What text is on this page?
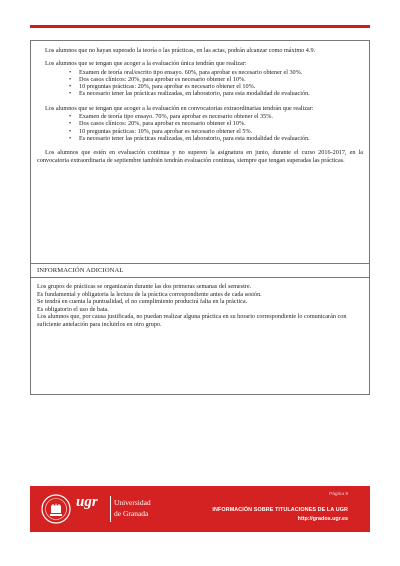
Los alumnos que no hayan superado la teoría o las prácticas, en las actas, podrán alcanzar como máximo 4.9.

Los alumnos que se tengan que acoger a la evaluación única tendrán que realizar:

• Examen de teoría oral/escrito tipo ensayo. 60%, para aprobar es necesario obtener el 30%.
• Dos casos clínicos: 20%, para aprobar es necesario obtener el 10%.
• 10 preguntas prácticas: 20%, para aprobar es necesario obtener el 10%.
• Es necesario tener las prácticas realizadas, en laboratorio, para esta modalidad de evaluación.

Los alumnos que se tengan que acoger a la evaluación en convocatorias extraordinarias tendrán que realizar:

• Examen de teoría tipo ensayo. 70%, para aprobar es necesario obtener el 35%.
• Dos casos clínicos: 20%, para aprobar es necesario obtener el 10%.
• 10 preguntas prácticas: 10%, para aprobar es necesario obtener el 5%.
• Es necesario tener las prácticas realizadas, en laboratorio, para esta modalidad de evaluación.

Los alumnos que estén en evaluación continua y no superen la asignatura en junio, durante el curso 2016-2017, en la convocatoria extraordinaria de septiembre también tendrán evaluación continua, siempre que tengan superadas las prácticas.

INFORMACIÓN ADICIONAL
Los grupos de prácticas se organizarán durante las dos primeras semanas del semestre.
Es fundamental y obligatoria la lectura de la práctica correspondiente antes de cada sesión.
Se tendrá en cuenta la puntualidad, el no cumplimiento producirá falta en la práctica.
Es obligatorio el uso de bata.
Los alumnos que, por causa justificada, no puedan realizar alguna práctica en su horario correspondiente lo comunicarán con suficiente antelación para incluirlos en otro grupo.
ugr Universidad
de Granada
Página 9
INFORMACIÓN SOBRE TITULACIONES DE LA UGR
http://grados.ugr.es
